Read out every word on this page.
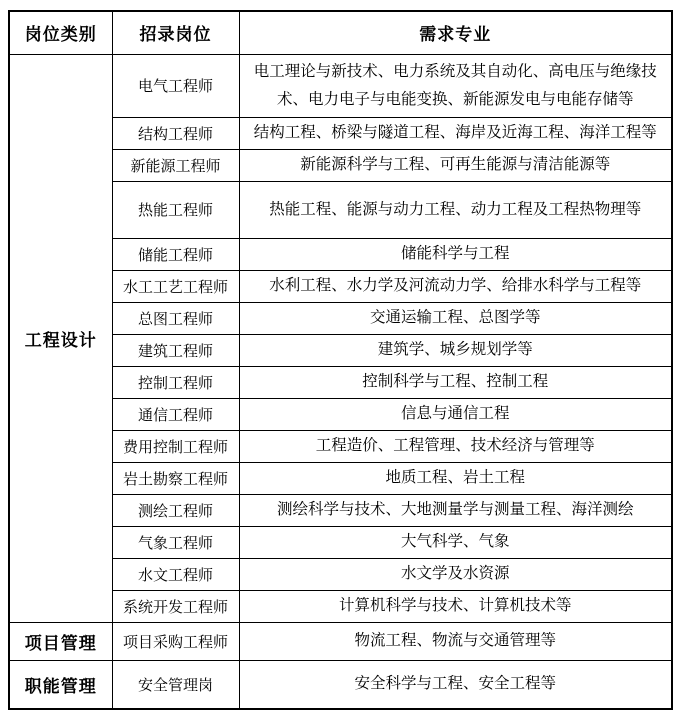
岗位类别	招录岗位	需求专业
工程设计	电气工程师	电工理论与新技术、电力系统及其自动化、高电压与绝缘技术、电力电子与电能变换、新能源发电与电能存储等
	结构工程师	结构工程、桥梁与隧道工程、海岸及近海工程、海洋工程等
	新能源工程师	新能源科学与工程、可再生能源与清洁能源等
	热能工程师	热能工程、能源与动力工程、动力工程及工程热物理等
	储能工程师	储能科学与工程
	水工工艺工程师	水利工程、水力学及河流动力学、给排水科学与工程等
	总图工程师	交通运输工程、总图学等
	建筑工程师	建筑学、城乡规划学等
	控制工程师	控制科学与工程、控制工程
	通信工程师	信息与通信工程
	费用控制工程师	工程造价、工程管理、技术经济与管理等
	岩土勘察工程师	地质工程、岩土工程
	测绘工程师	测绘科学与技术、大地测量学与测量工程、海洋测绘
	气象工程师	大气科学、气象
	水文工程师	水文学及水资源
	系统开发工程师	计算机科学与技术、计算机技术等
项目管理	项目采购工程师	物流工程、物流与交通管理等
职能管理	安全管理岗	安全科学与工程、安全工程等
